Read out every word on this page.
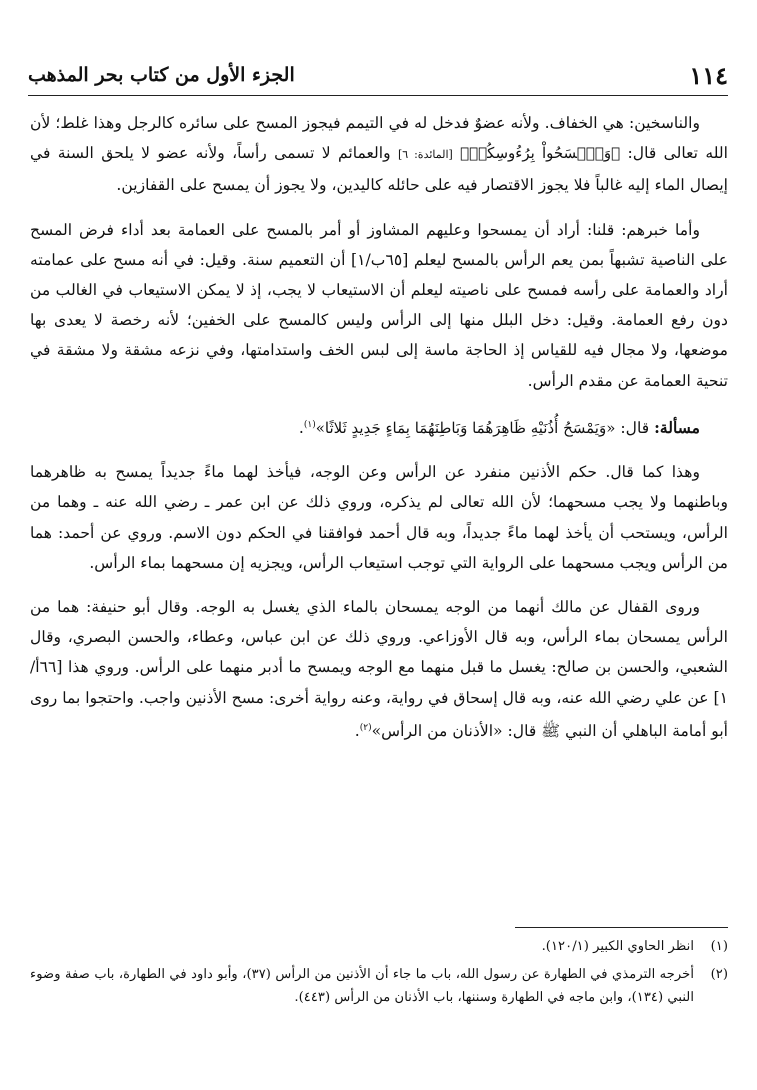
١١٤
الجزء الأول من كتاب بحر المذهب

والناسخين: هي الخفاف. ولأنه عضوٌ فدخل له في التيمم فيجوز المسح على سائره كالرجل وهذا غلط؛ لأن الله تعالى قال: ﴿وَٱمۡسَحُواْ بِرُءُوسِكُمۡ﴾ [المائدة: ٦] والعمائم لا تسمى رأساً، ولأنه عضو لا يلحق السنة في إيصال الماء إليه غالباً فلا يجوز الاقتصار فيه على حائله كاليدين، ولا يجوز أن يمسح على القفازين.

وأما خبرهم: قلنا: أراد أن يمسحوا وعليهم المشاوز أو أمر بالمسح على العمامة بعد أداء فرض المسح على الناصية تشبهاً بمن يعم الرأس بالمسح ليعلم [٦٥ب/١] أن التعميم سنة. وقيل: في أنه مسح على عمامته أراد والعمامة على رأسه فمسح على ناصيته ليعلم أن الاستيعاب لا يجب، إذ لا يمكن الاستيعاب في الغالب من دون رفع العمامة. وقيل: دخل البلل منها إلى الرأس وليس كالمسح على الخفين؛ لأنه رخصة لا يعدى بها موضعها، ولا مجال فيه للقياس إذ الحاجة ماسة إلى لبس الخف واستدامتها، وفي نزعه مشقة ولا مشقة في تنحية العمامة عن مقدم الرأس.

مسألة: قال: «وَيَمْسَحُ أُذُنَيْهِ ظَاهِرَهُمَا وَبَاطِنَهُمَا بِمَاءٍ جَدِيدٍ ثَلاثًا»$^{(١)}$.

وهذا كما قال. حكم الأذنين منفرد عن الرأس وعن الوجه، فيأخذ لهما ماءً جديداً يمسح به ظاهرهما وباطنهما ولا يجب مسحهما؛ لأن الله تعالى لم يذكره، وروي ذلك عن ابن عمر ـ رضي الله عنه ـ وهما من الرأس، ويستحب أن يأخذ لهما ماءً جديداً، وبه قال أحمد فوافقنا في الحكم دون الاسم. وروي عن أحمد: هما من الرأس ويجب مسحهما على الرواية التي توجب استيعاب الرأس، ويجزيه إن مسحهما بماء الرأس.

وروى القفال عن مالك أنهما من الوجه يمسحان بالماء الذي يغسل به الوجه. وقال أبو حنيفة: هما من الرأس يمسحان بماء الرأس، وبه قال الأوزاعي. وروي ذلك عن ابن عباس، وعطاء، والحسن البصري، وقال الشعبي، والحسن بن صالح: يغسل ما قبل منهما مع الوجه ويمسح ما أدبر منهما على الرأس. وروي هذا [٦٦أ/١] عن علي رضي الله عنه، وبه قال إسحاق في رواية، وعنه رواية أخرى: مسح الأذنين واجب. واحتجوا بما روى أبو أمامة الباهلي أن النبي ﷺ قال: «الأذنان من الرأس»$^{(٢)}$.

(١)
انظر الحاوي الكبير (١٢٠/١).
(٢)
أخرجه الترمذي في الطهارة عن رسول الله، باب ما جاء أن الأذنين من الرأس (٣٧)، وأبو داود في الطهارة، باب صفة وضوء النبي (١٣٤)، وابن ماجه في الطهارة وسننها، باب الأذنان من الرأس (٤٤٣).
